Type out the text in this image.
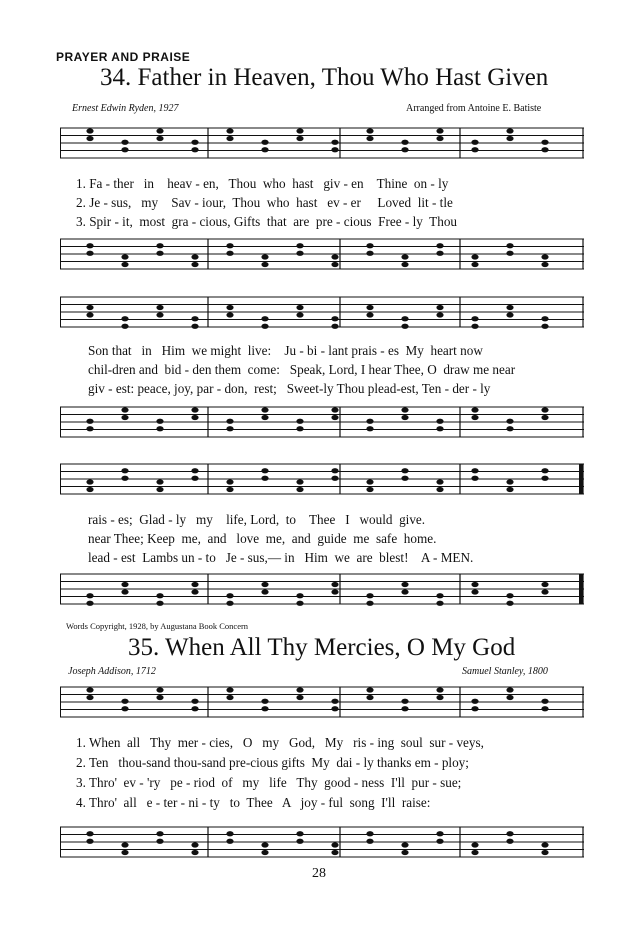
PRAYER AND PRAISE
34. Father in Heaven, Thou Who Hast Given
Ernest Edwin Ryden, 1927	Arranged from Antoine E. Batiste
1. Fa - ther   in    heav - en,   Thou  who  hast   giv - en    Thine  on - ly
2. Je - sus,   my    Sav - iour,  Thou  who  hast   ev - er     Loved  lit - tle
3. Spir - it,  most  gra - cious, Gifts  that  are  pre - cious  Free - ly  Thou
Son that   in   Him  we might  live:    Ju - bi - lant prais - es  My  heart now
chil-dren and  bid - den them  come:   Speak, Lord, I hear Thee, O  draw me near
giv - est: peace, joy, par - don,  rest;   Sweet-ly Thou plead-est, Ten - der - ly
rais - es;  Glad - ly   my    life, Lord,  to    Thee   I   would  give.
near Thee; Keep  me,  and   love  me,  and  guide  me  safe  home.
lead - est  Lambs un - to   Je - sus,— in   Him  we  are  blest!    A - MEN.
Words Copyright, 1928, by Augustana Book Concern
35. When All Thy Mercies, O My God
Joseph Addison, 1712	Samuel Stanley, 1800
1. When  all   Thy  mer - cies,   O   my   God,   My   ris - ing  soul  sur - veys,
2. Ten   thou-sand thou-sand pre-cious gifts  My  dai - ly thanks em - ploy;
3. Thro'  ev - 'ry   pe - riod  of   my   life   Thy  good - ness  I'll  pur - sue;
4. Thro'  all   e - ter - ni - ty   to  Thee   A   joy - ful  song  I'll  raise:
28
